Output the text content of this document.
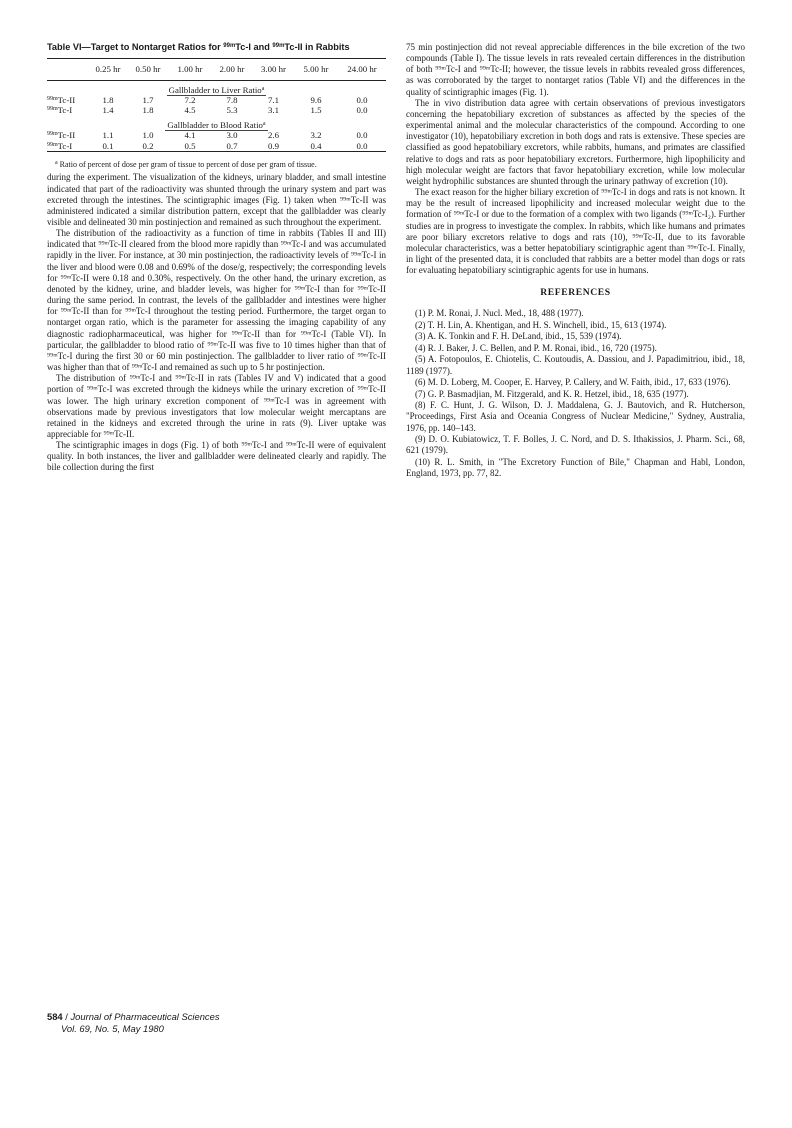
Table VI—Target to Nontarget Ratios for $^{99m}$Tc-I and $^{99m}$Tc-II in Rabbits
	0.25 hr	0.50 hr	1.00 hr	2.00 hr	3.00 hr	5.00 hr	24.00 hr
Gallbladder to Liver Ratio$^a$
$^{99m}$Tc-II	1.8	1.7	7.2	7.8	7.1	9.6	0.0
$^{99m}$Tc-I	1.4	1.8	4.5	5.3	3.1	1.5	0.0
Gallbladder to Blood Ratio$^a$
$^{99m}$Tc-II	1.1	1.0	4.1	3.0	2.6	3.2	0.0
$^{99m}$Tc-I	0.1	0.2	0.5	0.7	0.9	0.4	0.0
$^a$ Ratio of percent of dose per gram of tissue to percent of dose per gram of tissue.

during the experiment. The visualization of the kidneys, urinary bladder, and small intestine indicated that part of the radioactivity was shunted through the urinary system and part was excreted through the intestines. The scintigraphic images (Fig. 1) taken when ⁹⁹ᵐTc-II was administered indicated a similar distribution pattern, except that the gallbladder was clearly visible and delineated 30 min postinjection and remained as such throughout the experiment.

The distribution of the radioactivity as a function of time in rabbits (Tables II and III) indicated that ⁹⁹ᵐTc-II cleared from the blood more rapidly than ⁹⁹ᵐTc-I and was accumulated rapidly in the liver. For instance, at 30 min postinjection, the radioactivity levels of ⁹⁹ᵐTc-I in the liver and blood were 0.08 and 0.69% of the dose/g, respectively; the corresponding levels for ⁹⁹ᵐTc-II were 0.18 and 0.30%, respectively. On the other hand, the urinary excretion, as denoted by the kidney, urine, and bladder levels, was higher for ⁹⁹ᵐTc-I than for ⁹⁹ᵐTc-II during the same period. In contrast, the levels of the gallbladder and intestines were higher for ⁹⁹ᵐTc-II than for ⁹⁹ᵐTc-I throughout the testing period. Furthermore, the target organ to nontarget organ ratio, which is the parameter for assessing the imaging capability of any diagnostic radiopharmaceutical, was higher for ⁹⁹ᵐTc-II than for ⁹⁹ᵐTc-I (Table VI). In particular, the gallbladder to blood ratio of ⁹⁹ᵐTc-II was five to 10 times higher than that of ⁹⁹ᵐTc-I during the first 30 or 60 min postinjection. The gallbladder to liver ratio of ⁹⁹ᵐTc-II was higher than that of ⁹⁹ᵐTc-I and remained as such up to 5 hr postinjection.

The distribution of ⁹⁹ᵐTc-I and ⁹⁹ᵐTc-II in rats (Tables IV and V) indicated that a good portion of ⁹⁹ᵐTc-I was excreted through the kidneys while the urinary excretion of ⁹⁹ᵐTc-II was lower. The high urinary excretion component of ⁹⁹ᵐTc-I was in agreement with observations made by previous investigators that low molecular weight mercaptans are retained in the kidneys and excreted through the urine in rats (9). Liver uptake was appreciable for ⁹⁹ᵐTc-II.

The scintigraphic images in dogs (Fig. 1) of both ⁹⁹ᵐTc-I and ⁹⁹ᵐTc-II were of equivalent quality. In both instances, the liver and gallbladder were delineated clearly and rapidly. The bile collection during the first

75 min postinjection did not reveal appreciable differences in the bile excretion of the two compounds (Table I). The tissue levels in rats revealed certain differences in the distribution of both ⁹⁹ᵐTc-I and ⁹⁹ᵐTc-II; however, the tissue levels in rabbits revealed gross differences, as was corroborated by the target to nontarget ratios (Table VI) and the differences in the quality of scintigraphic images (Fig. 1).

The in vivo distribution data agree with certain observations of previous investigators concerning the hepatobiliary excretion of substances as affected by the species of the experimental animal and the molecular characteristics of the compound. According to one investigator (10), hepatobiliary excretion in both dogs and rats is extensive. These species are classified as good hepatobiliary excretors, while rabbits, humans, and primates are classified relative to dogs and rats as poor hepatobiliary excretors. Furthermore, high lipophilicity and high molecular weight are factors that favor hepatobiliary excretion, while low molecular weight hydrophilic substances are shunted through the urinary pathway of excretion (10).

The exact reason for the higher biliary excretion of ⁹⁹ᵐTc-I in dogs and rats is not known. It may be the result of increased lipophilicity and increased molecular weight due to the formation of ⁹⁹ᵐTc-I or due to the formation of a complex with two ligands (⁹⁹ᵐTc-I₂). Further studies are in progress to investigate the complex. In rabbits, which like humans and primates are poor biliary excretors relative to dogs and rats (10), ⁹⁹ᵐTc-II, due to its favorable molecular characteristics, was a better hepatobiliary scintigraphic agent than ⁹⁹ᵐTc-I. Finally, in light of the presented data, it is concluded that rabbits are a better model than dogs or rats for evaluating hepatobiliary scintigraphic agents for use in humans.

REFERENCES

(1) P. M. Ronai, J. Nucl. Med., 18, 488 (1977).

(2) T. H. Lin, A. Khentigan, and H. S. Winchell, ibid., 15, 613 (1974).

(3) A. K. Tonkin and F. H. DeLand, ibid., 15, 539 (1974).

(4) R. J. Baker, J. C. Bellen, and P. M. Ronai, ibid., 16, 720 (1975).

(5) A. Fotopoulos, E. Chiotelis, C. Koutoudis, A. Dassiou, and J. Papadimitriou, ibid., 18, 1189 (1977).

(6) M. D. Loberg, M. Cooper, E. Harvey, P. Callery, and W. Faith, ibid., 17, 633 (1976).

(7) G. P. Basmadjian, M. Fitzgerald, and K. R. Hetzel, ibid., 18, 635 (1977).

(8) F. C. Hunt, J. G. Wilson, D. J. Maddalena, G. J. Bautovich, and R. Hutcherson, "Proceedings, First Asia and Oceania Congress of Nuclear Medicine," Sydney, Australia, 1976, pp. 140–143.

(9) D. O. Kubiatowicz, T. F. Bolles, J. C. Nord, and D. S. Ithakissios, J. Pharm. Sci., 68, 621 (1979).

(10) R. L. Smith, in "The Excretory Function of Bile," Chapman and Habl, London, England, 1973, pp. 77, 82.

584 / Journal of Pharmaceutical Sciences
Vol. 69, No. 5, May 1980
